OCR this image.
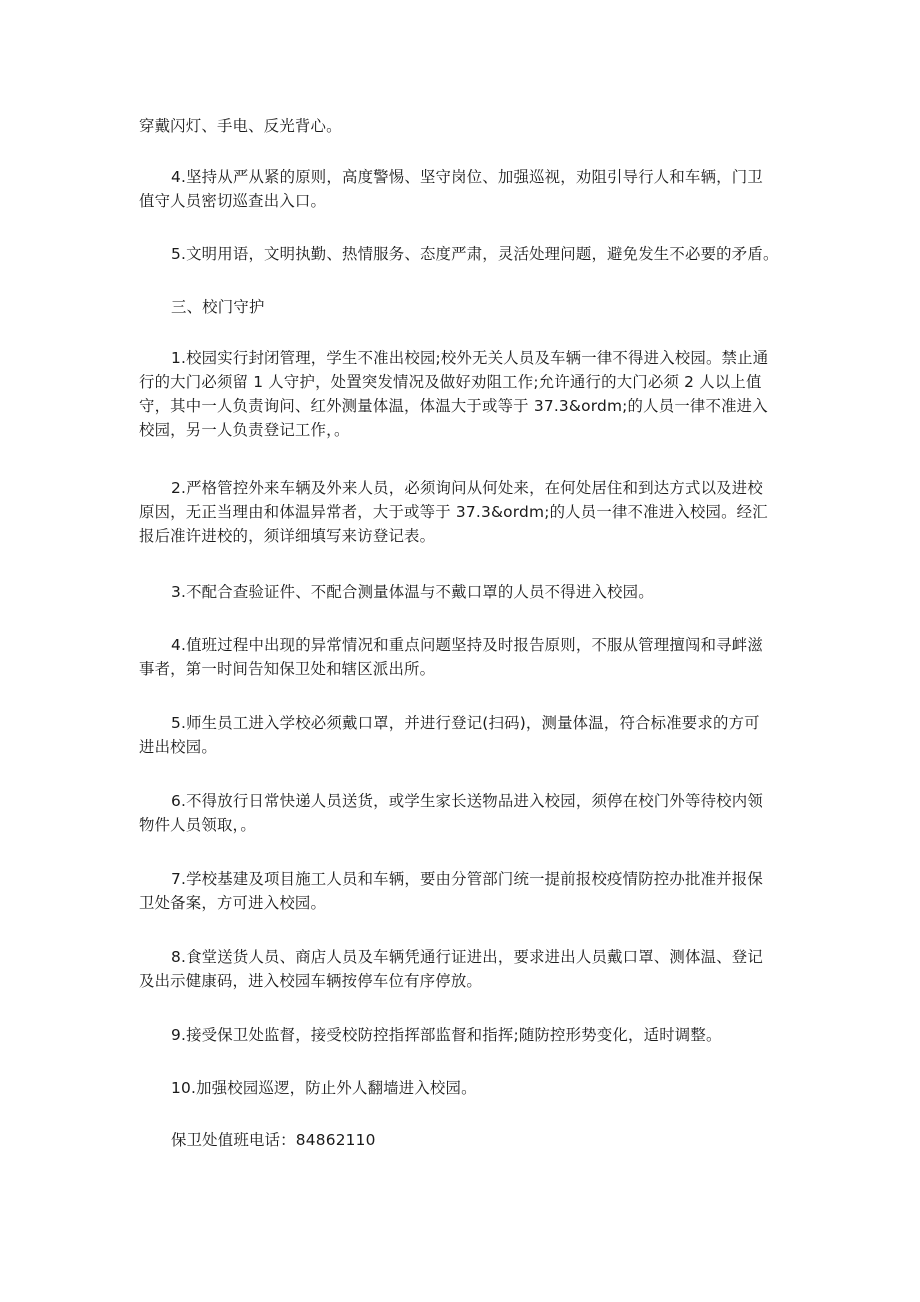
穿戴闪灯、手电、反光背心。

4.坚持从严从紧的原则，高度警惕、坚守岗位、加强巡视，劝阻引导行人和车辆，门卫
值守人员密切巡查出入口。

5.文明用语，文明执勤、热情服务、态度严肃，灵活处理问题，避免发生不必要的矛盾。

三、校门守护

1.校园实行封闭管理，学生不准出校园;校外无关人员及车辆一律不得进入校园。禁止通
行的大门必须留 1 人守护，处置突发情况及做好劝阻工作;允许通行的大门必须 2 人以上值
守，其中一人负责询问、红外测量体温，体温大于或等于 37.3&ordm;的人员一律不准进入
校园，另一人负责登记工作，。

2.严格管控外来车辆及外来人员，必须询问从何处来，在何处居住和到达方式以及进校
原因，无正当理由和体温异常者，大于或等于 37.3&ordm;的人员一律不准进入校园。经汇
报后准许进校的，须详细填写来访登记表。

3.不配合查验证件、不配合测量体温与不戴口罩的人员不得进入校园。

4.值班过程中出现的异常情况和重点问题坚持及时报告原则，不服从管理擅闯和寻衅滋
事者，第一时间告知保卫处和辖区派出所。

5.师生员工进入学校必须戴口罩，并进行登记(扫码)，测量体温，符合标准要求的方可
进出校园。

6.不得放行日常快递人员送货，或学生家长送物品进入校园，须停在校门外等待校内领
物件人员领取，。

7.学校基建及项目施工人员和车辆，要由分管部门统一提前报校疫情防控办批准并报保
卫处备案，方可进入校园。

8.食堂送货人员、商店人员及车辆凭通行证进出，要求进出人员戴口罩、测体温、登记
及出示健康码，进入校园车辆按停车位有序停放。

9.接受保卫处监督，接受校防控指挥部监督和指挥;随防控形势变化，适时调整。

10.加强校园巡逻，防止外人翻墙进入校园。

保卫处值班电话：84862110
